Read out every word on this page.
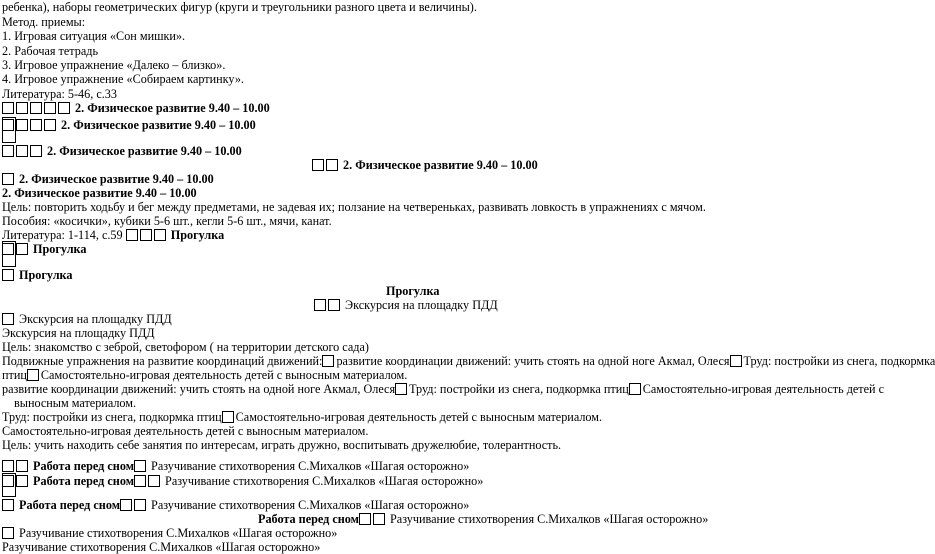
ребенка), наборы геометрических фигур (круги и треугольники разного цвета и величины).
Метод. приемы:
1. Игровая ситуация «Сон мишки».
2. Рабочая тетрадь
3. Игровое упражнение «Далеко – близко».
4. Игровое упражнение «Собираем картинку».
Литература: 5-46, с.33
2. Физическое развитие 9.40 – 10.00
2. Физическое развитие 9.40 – 10.00
2. Физическое развитие 9.40 – 10.00
2. Физическое развитие 9.40 – 10.00
2. Физическое развитие 9.40 – 10.00
2. Физическое развитие 9.40 – 10.00
Цель: повторить ходьбу и бег между предметами, не задевая их; ползание на четвереньках, развивать ловкость в упражнениях с мячом.
Пособия: «косички», кубики 5-6 шт., кегли 5-6 шт., мячи, канат.
Литература: 1-114, с.59	Прогулка
Прогулка
Прогулка
Прогулка
Экскурсия на площадку ПДД
Экскурсия на площадку ПДД
Экскурсия на площадку ПДД
Цель: знакомство с зеброй, светофором ( на территории детского сада)
Подвижные упражнения на развитие координаций движений: развитие координации движений: учить стоять на одной ноге Акмал, Олеся Труд: постройки из снега, подкормка
птиц Самостоятельно-игровая деятельность детей с выносным материалом.
развитие координации движений: учить стоять на одной ноге Акмал, Олеся Труд: постройки из снега, подкормка птиц Самостоятельно-игровая деятельность детей с
выносным материалом.
Труд: постройки из снега, подкормка птиц Самостоятельно-игровая деятельность детей с выносным материалом.
Самостоятельно-игровая деятельность детей с выносным материалом.
Цель: учить находить себе занятия по интересам, играть дружно, воспитывать дружелюбие, толерантность.
Работа перед сном Разучивание стихотворения С.Михалков «Шагая осторожно»
Работа перед сном	Разучивание стихотворения С.Михалков «Шагая осторожно»
Работа перед сном	Разучивание стихотворения С.Михалков «Шагая осторожно»
Работа перед сном	Разучивание стихотворения С.Михалков «Шагая осторожно»
Разучивание стихотворения С.Михалков «Шагая осторожно»
Разучивание стихотворения С.Михалков «Шагая осторожно»
